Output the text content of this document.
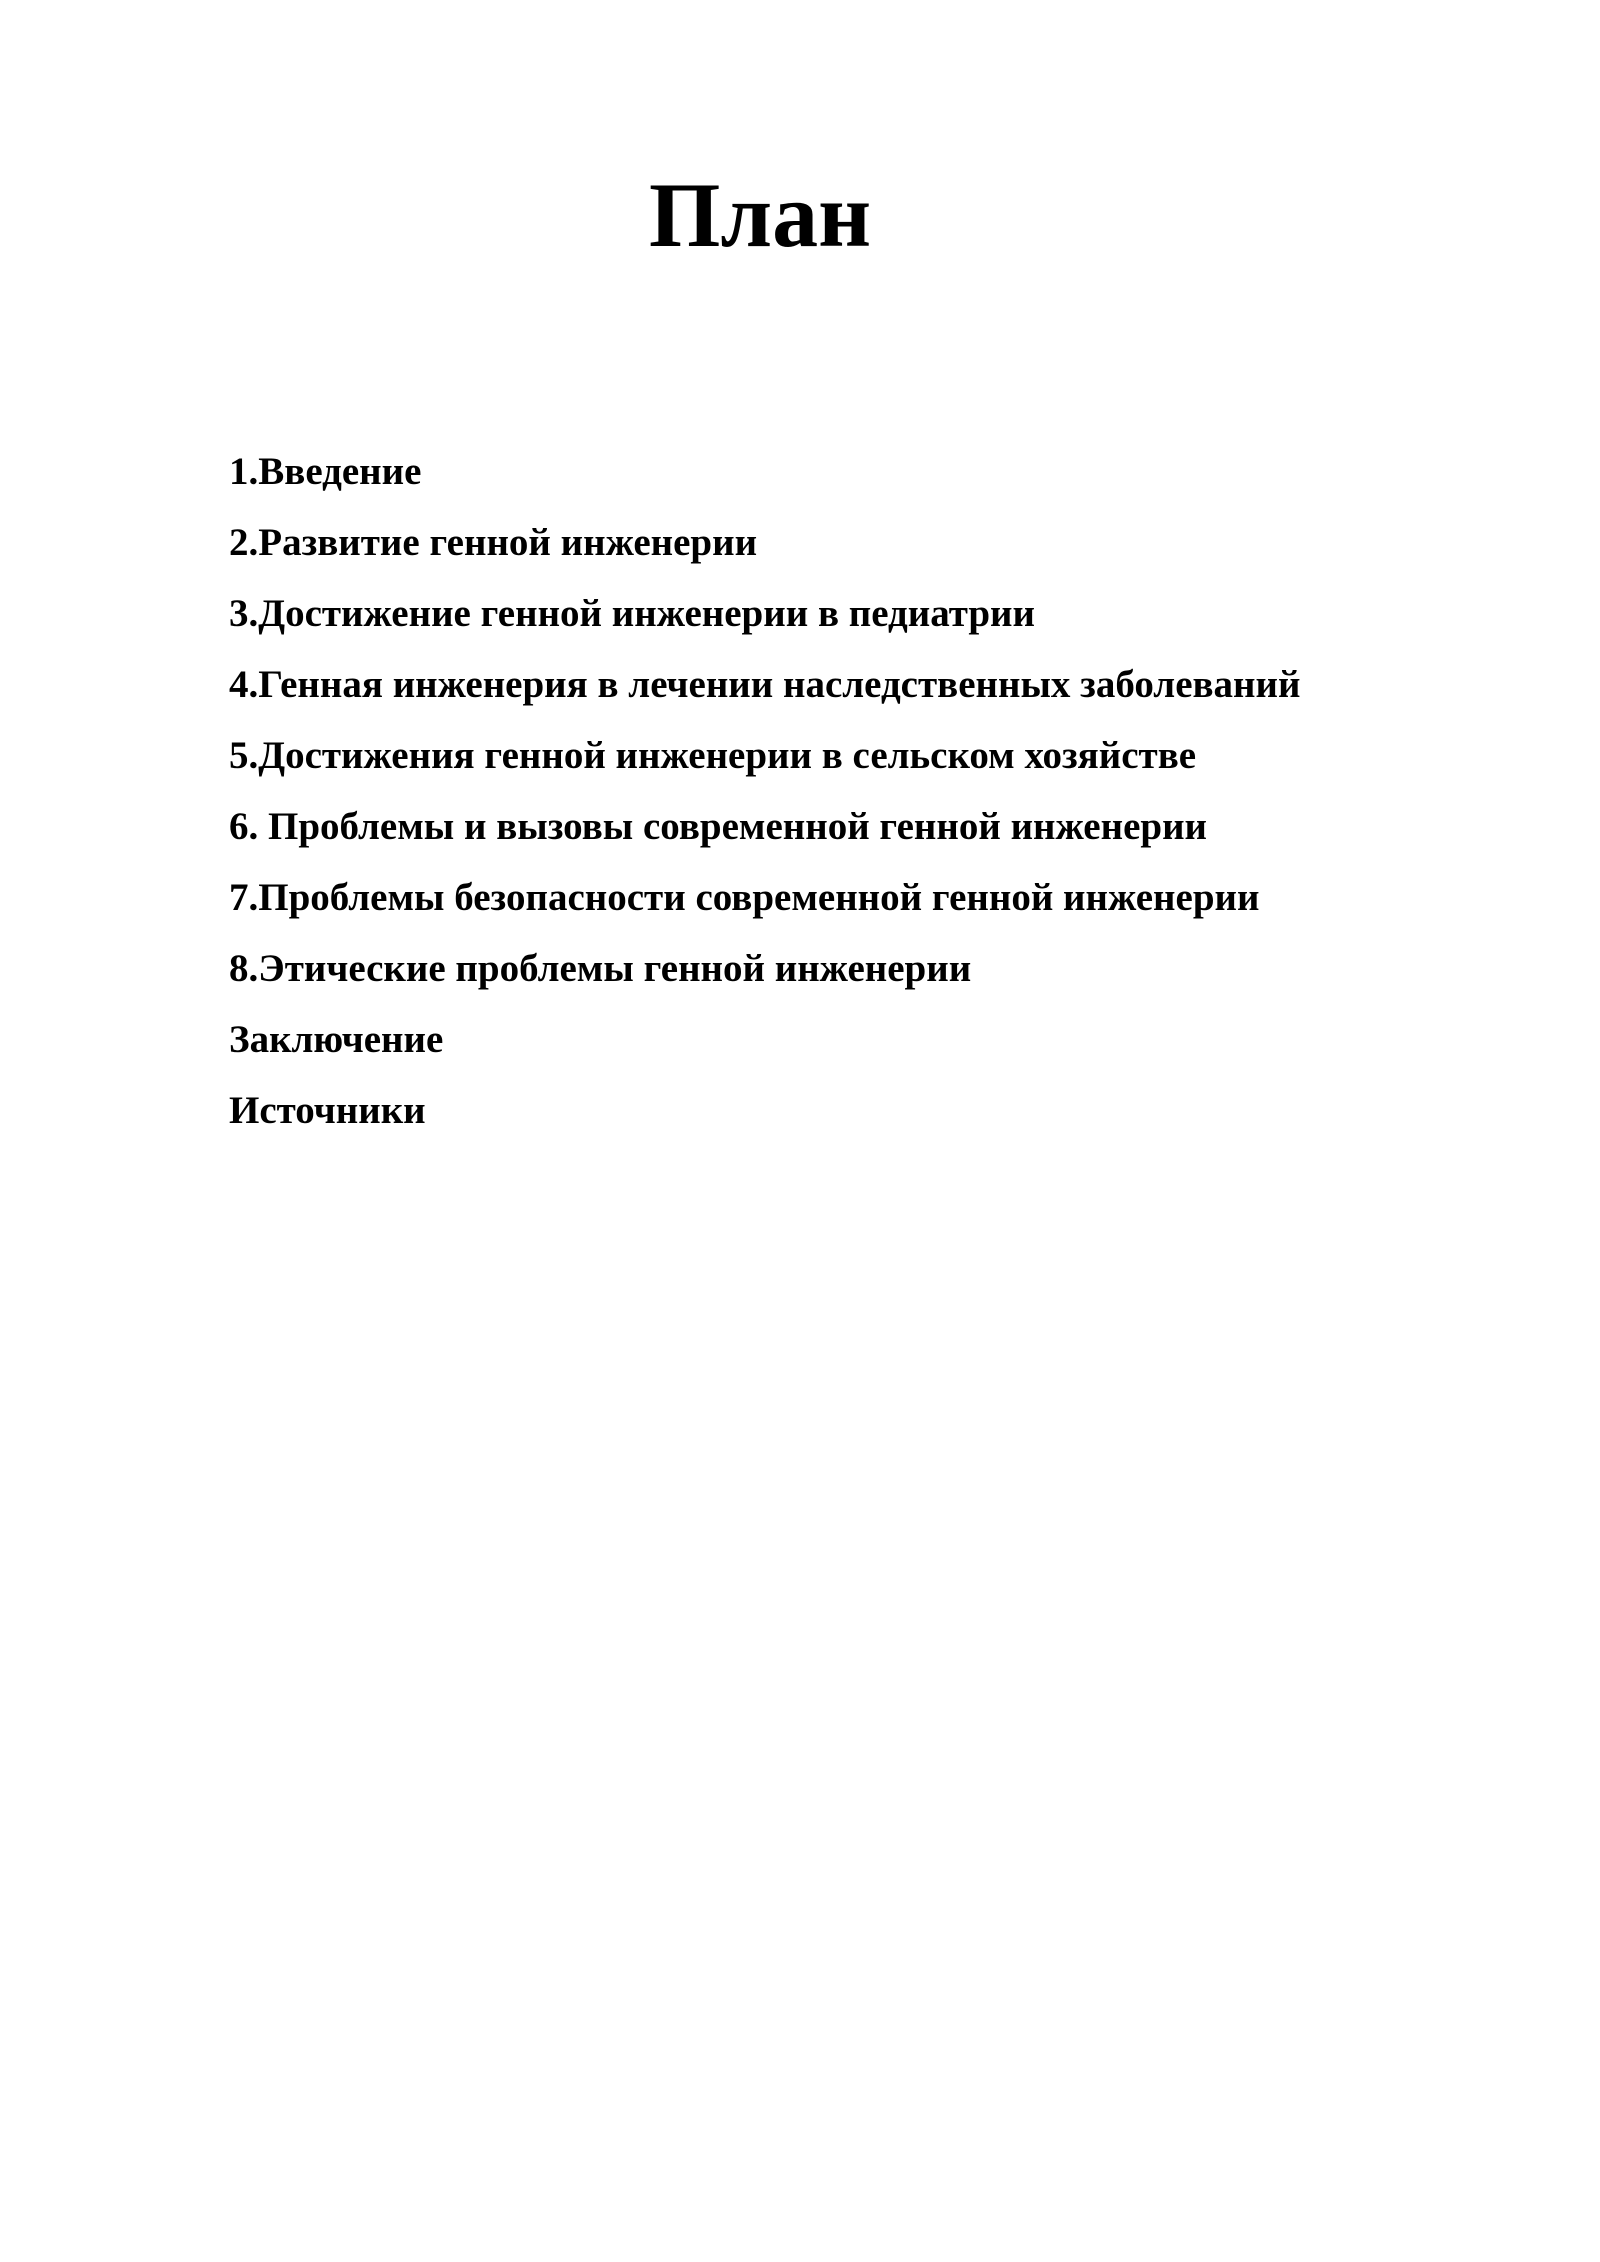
План
1.Введение
2.Развитие генной инженерии
3.Достижение генной инженерии в педиатрии
4.Генная инженерия в лечении наследственных заболеваний
5.Достижения генной инженерии в сельском хозяйстве
6. Проблемы и вызовы современной генной инженерии
7.Проблемы безопасности современной генной инженерии
8.Этические проблемы генной инженерии
Заключение
Источники
